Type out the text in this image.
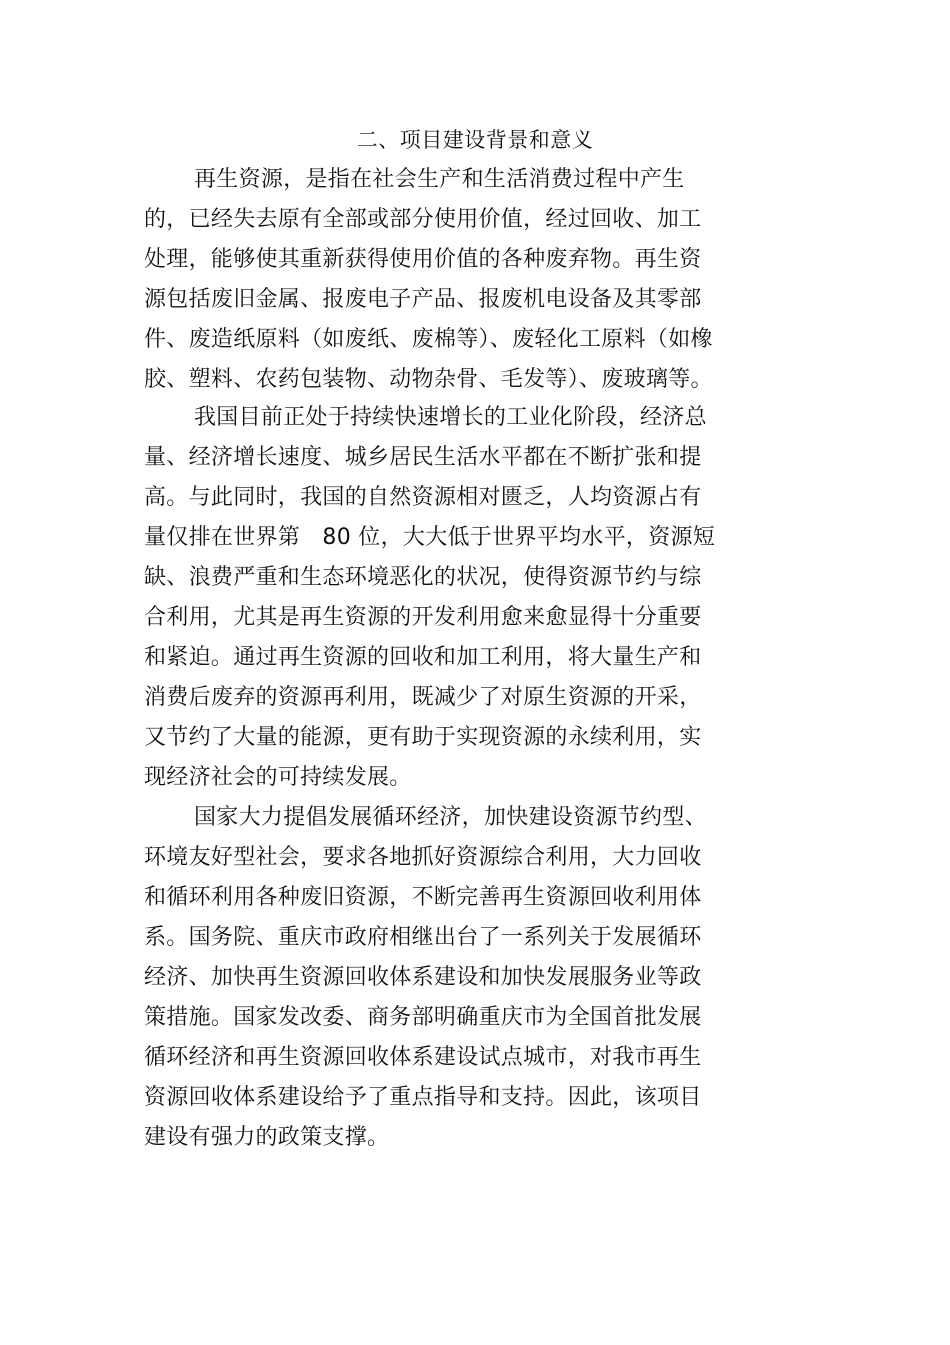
二、项目建设背景和意义
再生资源，是指在社会生产和生活消费过程中产生
的，已经失去原有全部或部分使用价值，经过回收、加工
处理，能够使其重新获得使用价值的各种废弃物。再生资
源包括废旧金属、报废电子产品、报废机电设备及其零部
件、废造纸原料（如废纸、废棉等）、废轻化工原料（如橡
胶、塑料、农药包装物、动物杂骨、毛发等）、废玻璃等。
我国目前正处于持续快速增长的工业化阶段，经济总
量、经济增长速度、城乡居民生活水平都在不断扩张和提
高。与此同时，我国的自然资源相对匮乏，人均资源占有
量仅排在世界第　80 位，大大低于世界平均水平，资源短
缺、浪费严重和生态环境恶化的状况，使得资源节约与综
合利用，尤其是再生资源的开发利用愈来愈显得十分重要
和紧迫。通过再生资源的回收和加工利用，将大量生产和
消费后废弃的资源再利用，既减少了对原生资源的开采，
又节约了大量的能源，更有助于实现资源的永续利用，实
现经济社会的可持续发展。
国家大力提倡发展循环经济，加快建设资源节约型、
环境友好型社会，要求各地抓好资源综合利用，大力回收
和循环利用各种废旧资源，不断完善再生资源回收利用体
系。国务院、重庆市政府相继出台了一系列关于发展循环
经济、加快再生资源回收体系建设和加快发展服务业等政
策措施。国家发改委、商务部明确重庆市为全国首批发展
循环经济和再生资源回收体系建设试点城市，对我市再生
资源回收体系建设给予了重点指导和支持。因此，该项目
建设有强力的政策支撑。
